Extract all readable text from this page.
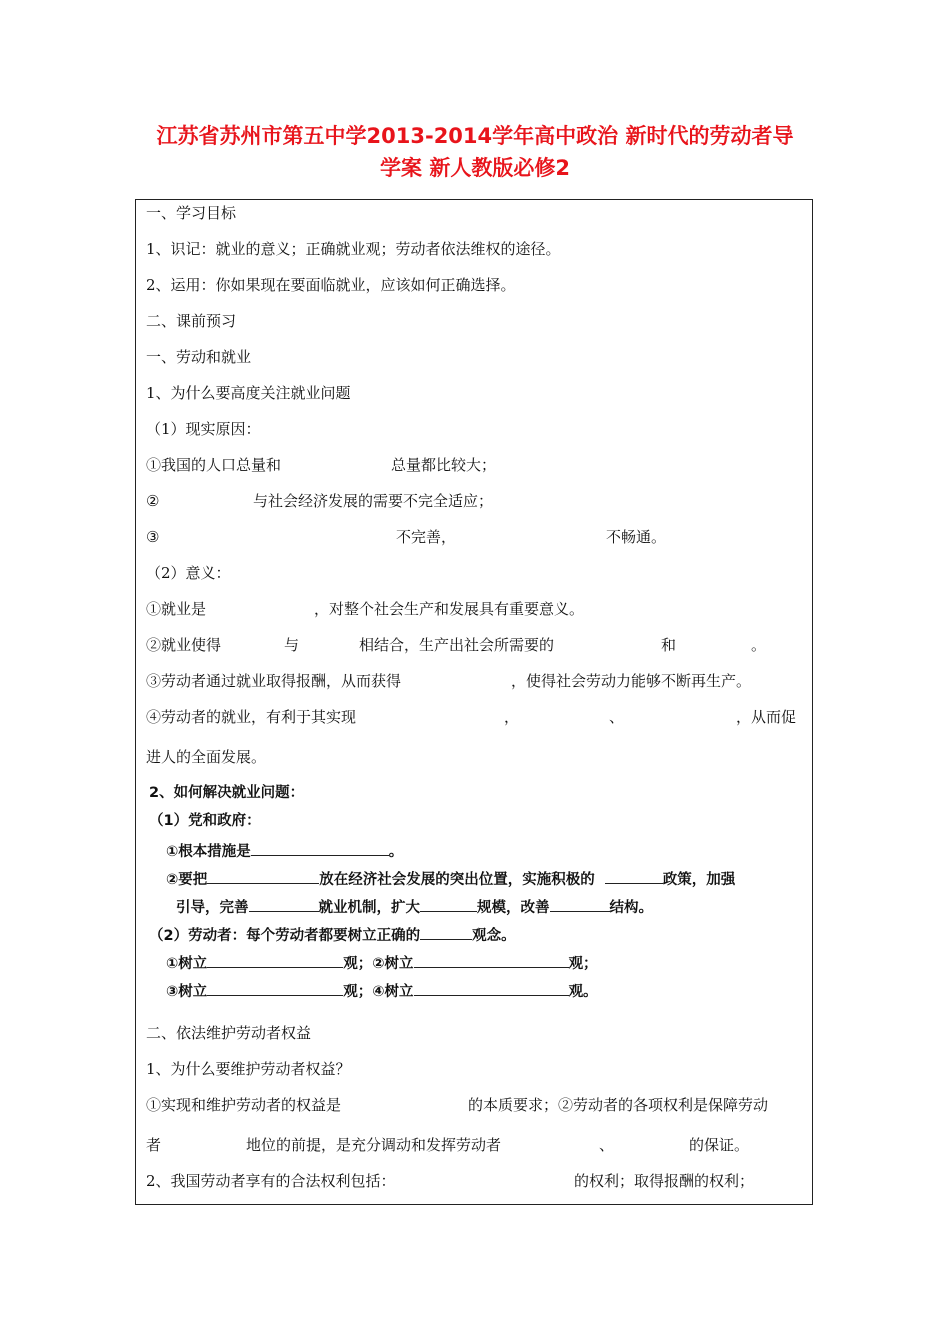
江苏省苏州市第五中学2013-2014学年高中政治 新时代的劳动者导
学案 新人教版必修2
一、学习目标
1、识记：就业的意义；正确就业观；劳动者依法维权的途径。
2、运用：你如果现在要面临就业，应该如何正确选择。
二、课前预习
一、劳动和就业
1、为什么要高度关注就业问题
（1）现实原因：
①我国的人口总量和	总量都比较大；
②	与社会经济发展的需要不完全适应；
③	不完善，	不畅通。
（2）意义：
①就业是	，对整个社会生产和发展具有重要意义。
②就业使得	与	相结合，生产出社会所需要的	和	。
③劳动者通过就业取得报酬，从而获得	，使得社会劳动力能够不断再生产。
④劳动者的就业，有利于其实现	，	、	，从而促
进人的全面发展。
2、如何解决就业问题：
（1）党和政府：
①根本措施是	。
②要把	放在经济社会发展的突出位置，实施积极的	政策，加强
引导，完善	就业机制，扩大	规模，改善	结构。
（2）劳动者：每个劳动者都要树立正确的	观念。
①树立	观；②树立	观；
③树立	观；④树立	观。
二、依法维护劳动者权益
1、为什么要维护劳动者权益？
①实现和维护劳动者的权益是	的本质要求；②劳动者的各项权利是保障劳动
者	地位的前提，是充分调动和发挥劳动者	、	的保证。
2、我国劳动者享有的合法权利包括：	的权利；取得报酬的权利；
